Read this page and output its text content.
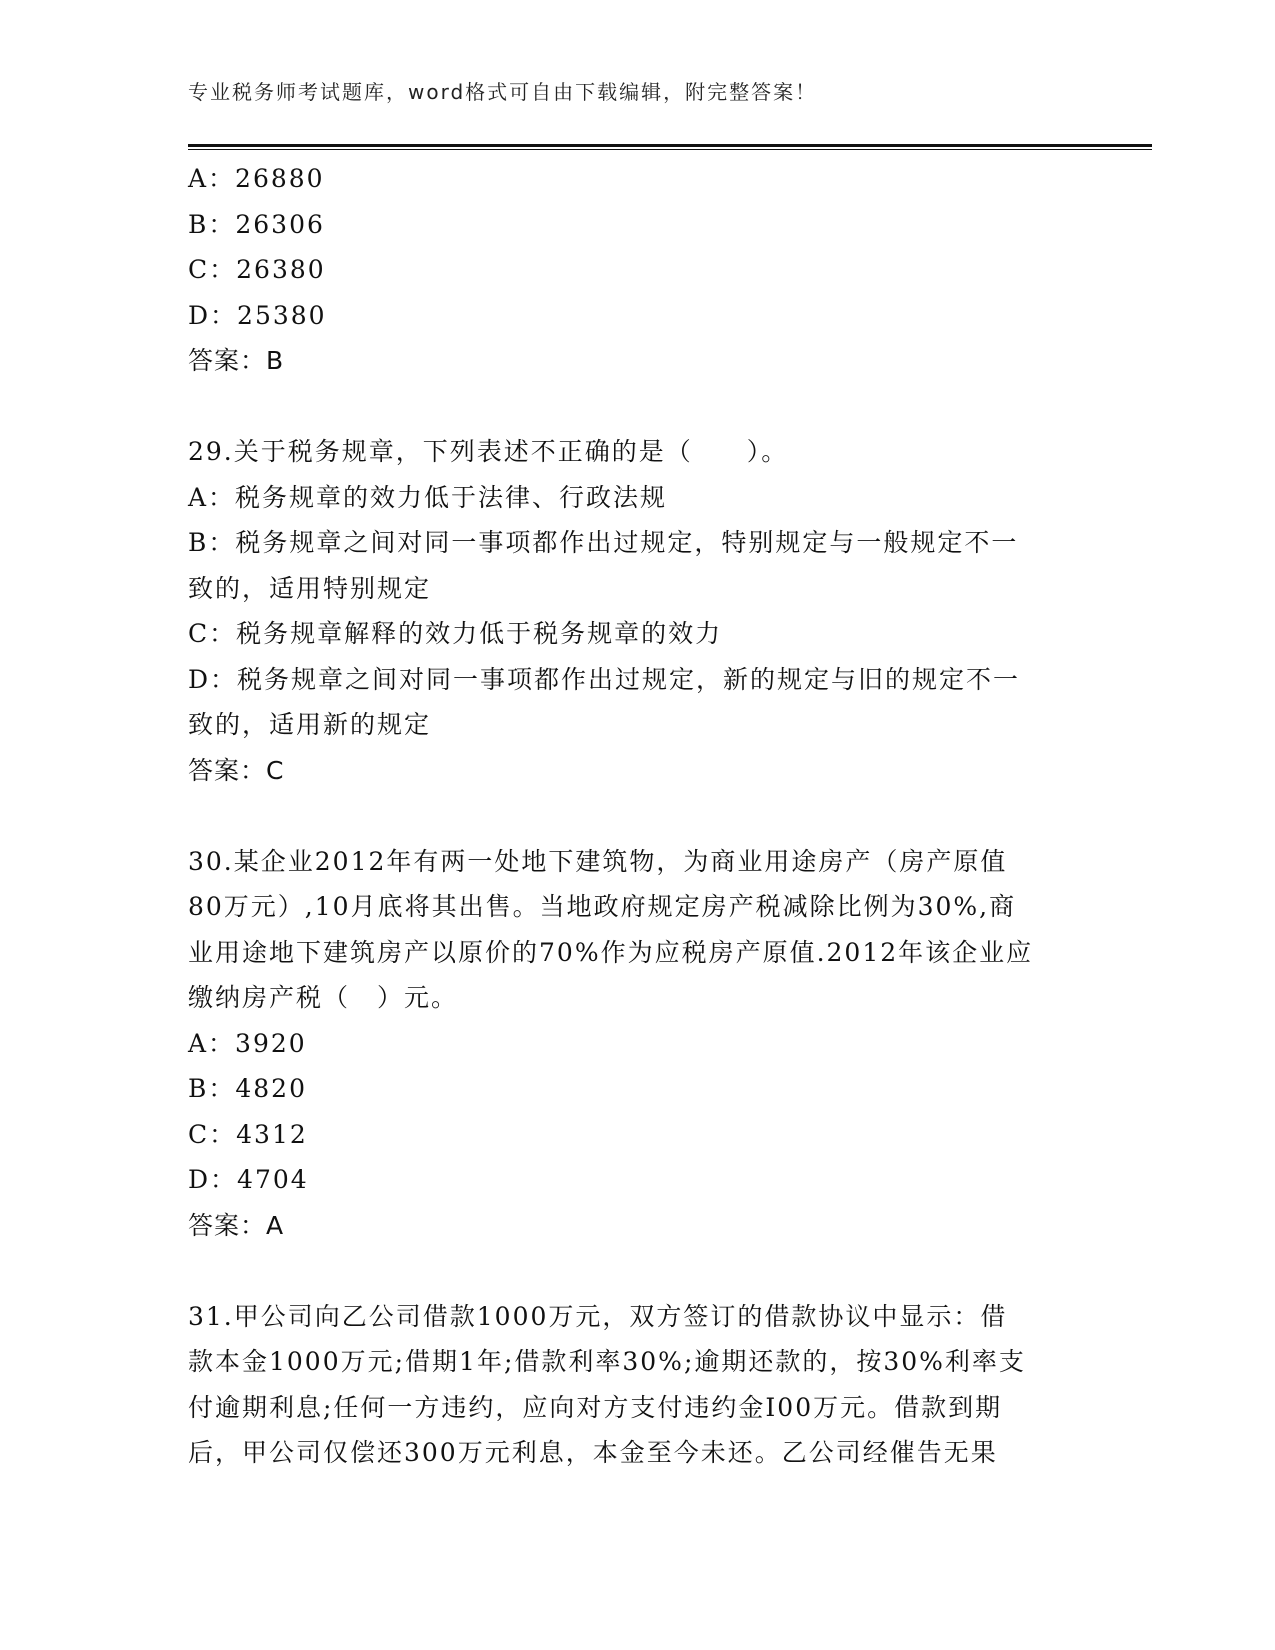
专业税务师考试题库，word格式可自由下载编辑，附完整答案！
A：26880
B：26306
C：26380
D：25380
答案：B
29.关于税务规章，下列表述不正确的是（　　）。
A：税务规章的效力低于法律、行政法规
B：税务规章之间对同一事项都作出过规定，特别规定与一般规定不一
致的，适用特别规定
C：税务规章解释的效力低于税务规章的效力
D：税务规章之间对同一事项都作出过规定，新的规定与旧的规定不一
致的，适用新的规定
答案：C
30.某企业2012年有两一处地下建筑物，为商业用途房产（房产原值
80万元）,10月底将其出售。当地政府规定房产税减除比例为30%,商
业用途地下建筑房产以原价的70%作为应税房产原值.2012年该企业应
缴纳房产税（　）元。
A：3920
B：4820
C：4312
D：4704
答案：A
31.甲公司向乙公司借款1000万元，双方签订的借款协议中显示：借
款本金1000万元;借期1年;借款利率30%;逾期还款的，按30%利率支
付逾期利息;任何一方违约，应向对方支付违约金I00万元。借款到期
后，甲公司仅偿还300万元利息，本金至今未还。乙公司经催告无果
